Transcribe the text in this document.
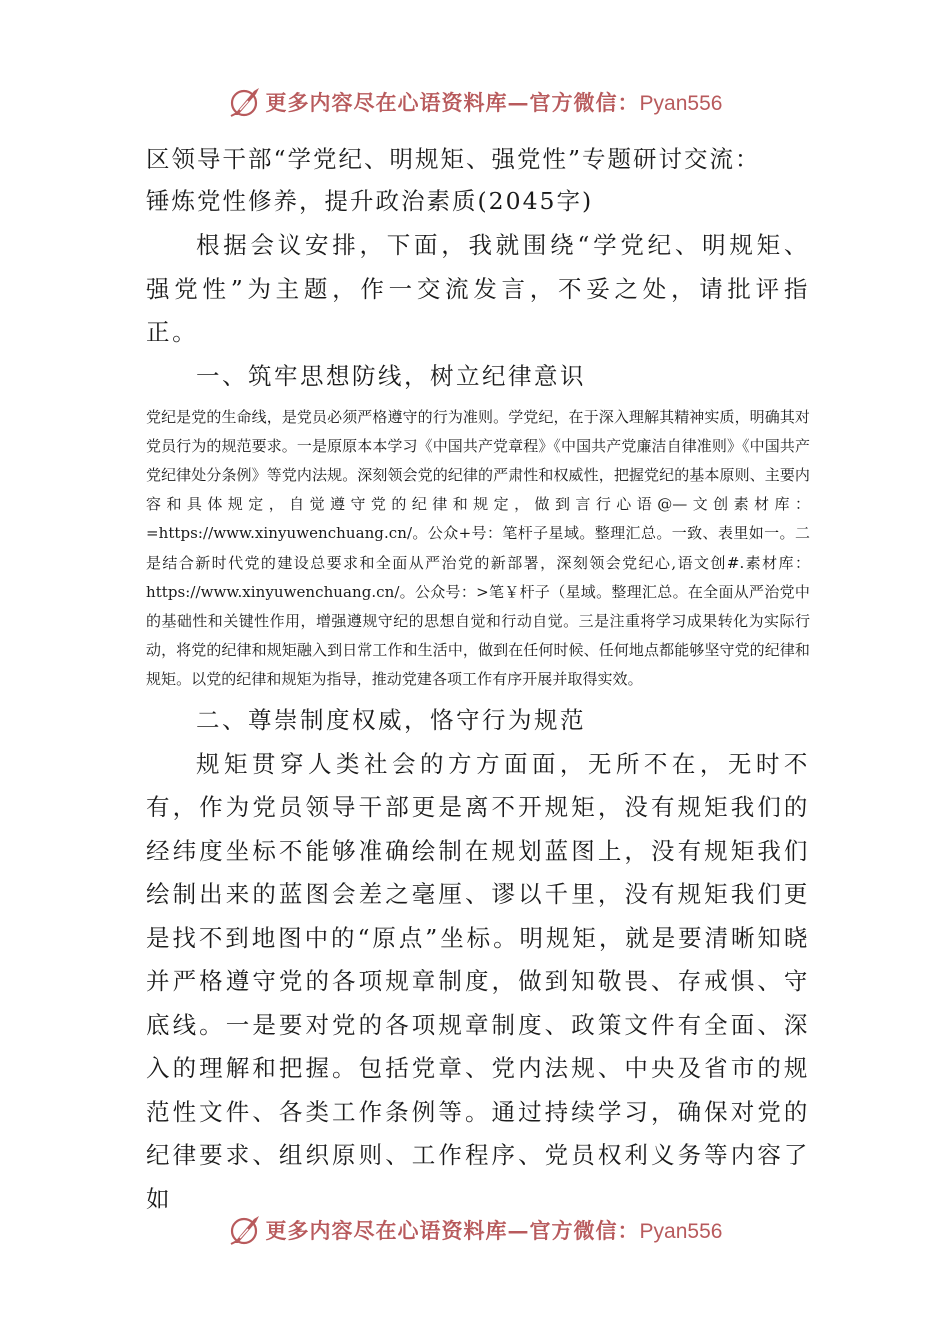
更多内容尽在心语资料库—官方微信：Pyan556

区领导干部“学党纪、明规矩、强党性”专题研讨交流：

锤炼党性修养，提升政治素质(2045字)

根据会议安排，下面，我就围绕“学党纪、明规矩、强党性”为主题，作一交流发言，不妥之处，请批评指正。

一、筑牢思想防线，树立纪律意识

党纪是党的生命线，是党员必须严格遵守的行为准则。学党纪，在于深入理解其精神实质，明确其对党员行为的规范要求。一是原原本本学习《中国共产党章程》《中国共产党廉洁自律准则》《中国共产党纪律处分条例》等党内法规。深刻领会党的纪律的严肃性和权威性，把握党纪的基本原则、主要内容和具体规定，自觉遵守党的纪律和规定，做到言行心语@—文创素材库：=https://www.xinyuwenchuang.cn/。公众+号：笔杆子星域。整理汇总。一致、表里如一。二是结合新时代党的建设总要求和全面从严治党的新部署，深刻领会党纪心,语文创#.素材库：https://www.xinyuwenchuang.cn/。公众号：>笔￥杆子（星域。整理汇总。在全面从严治党中的基础性和关键性作用，增强遵规守纪的思想自觉和行动自觉。三是注重将学习成果转化为实际行动，将党的纪律和规矩融入到日常工作和生活中，做到在任何时候、任何地点都能够坚守党的纪律和规矩。以党的纪律和规矩为指导，推动党建各项工作有序开展并取得实效。

二、尊崇制度权威，恪守行为规范

规矩贯穿人类社会的方方面面，无所不在，无时不有，作为党员领导干部更是离不开规矩，没有规矩我们的经纬度坐标不能够准确绘制在规划蓝图上，没有规矩我们绘制出来的蓝图会差之毫厘、谬以千里，没有规矩我们更是找不到地图中的“原点”坐标。明规矩，就是要清晰知晓并严格遵守党的各项规章制度，做到知敬畏、存戒惧、守底线。一是要对党的各项规章制度、政策文件有全面、深入的理解和把握。包括党章、党内法规、中央及省市的规范性文件、各类工作条例等。通过持续学习，确保对党的纪律要求、组织原则、工作程序、党员权利义务等内容了如

更多内容尽在心语资料库—官方微信：Pyan556
